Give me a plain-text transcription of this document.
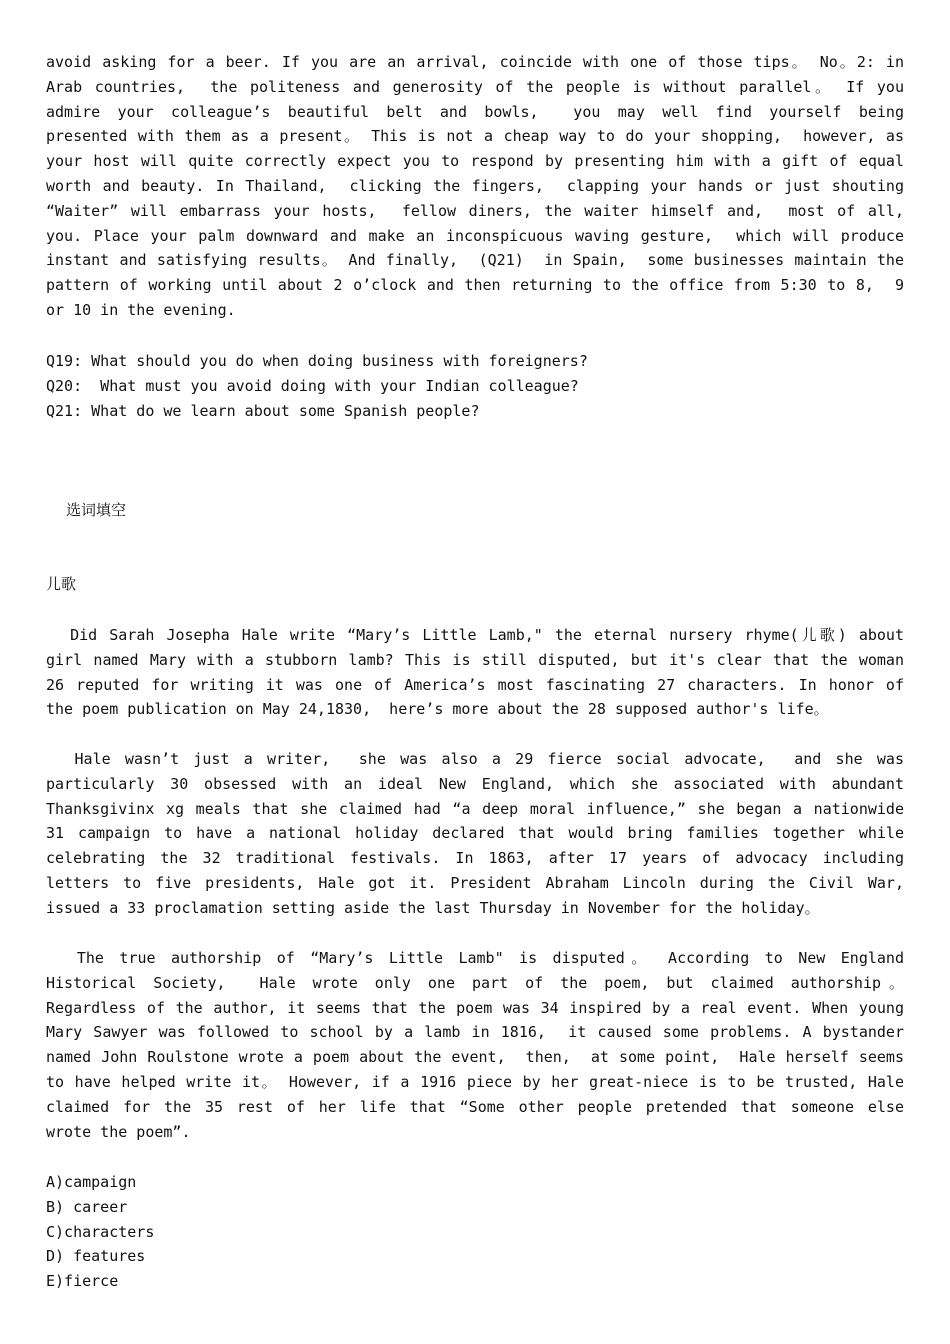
avoid asking for a beer. If you are an arrival, coincide with one of those tips。 No。2: in
Arab countries,  the politeness and generosity of the people is without parallel。 If you
admire your colleague’s beautiful belt and bowls,  you may well find yourself being
presented with them as a present。 This is not a cheap way to do your shopping,  however, as
your host will quite correctly expect you to respond by presenting him with a gift of equal
worth and beauty. In Thailand,  clicking the fingers,  clapping your hands or just shouting
“Waiter” will embarrass your hosts,  fellow diners, the waiter himself and,  most of all,
you. Place your palm downward and make an inconspicuous waving gesture,  which will produce
instant and satisfying results。 And finally,  (Q21)  in Spain,  some businesses maintain the
pattern of working until about 2 o’clock and then returning to the office from 5:30 to 8,  9
or 10 in the evening.
Q19: What should you do when doing business with foreigners?
Q20:  What must you avoid doing with your Indian colleague?
Q21: What do we learn about some Spanish people?
选词填空
儿歌
Did Sarah Josepha Hale write “Mary’s Little Lamb," the eternal nursery rhyme(儿歌) about
girl named Mary with a stubborn lamb? This is still disputed, but it's clear that the woman
26 reputed for writing it was one of America’s most fascinating 27 characters. In honor of
the poem publication on May 24,1830,  here’s more about the 28 supposed author's life。
Hale wasn’t just a writer,  she was also a 29 fierce social advocate,  and she was
particularly 30 obsessed with an ideal New England, which she associated with abundant
Thanksgivinx xg meals that she claimed had “a deep moral influence,” she began a nationwide
31 campaign to have a national holiday declared that would bring families together while
celebrating the 32 traditional festivals. In 1863, after 17 years of advocacy including
letters to five presidents, Hale got it. President Abraham Lincoln during the Civil War,
issued a 33 proclamation setting aside the last Thursday in November for the holiday。
The true authorship of “Mary’s Little Lamb" is disputed。 According to New England
Historical Society,  Hale wrote only one part of the poem, but claimed authorship。
Regardless of the author, it seems that the poem was 34 inspired by a real event. When young
Mary Sawyer was followed to school by a lamb in 1816,  it caused some problems. A bystander
named John Roulstone wrote a poem about the event,  then,  at some point,  Hale herself seems
to have helped write it。 However, if a 1916 piece by her great-niece is to be trusted, Hale
claimed for the 35 rest of her life that “Some other people pretended that someone else
wrote the poem”.
A)campaign
B) career
C)characters
D) features
E)fierce
